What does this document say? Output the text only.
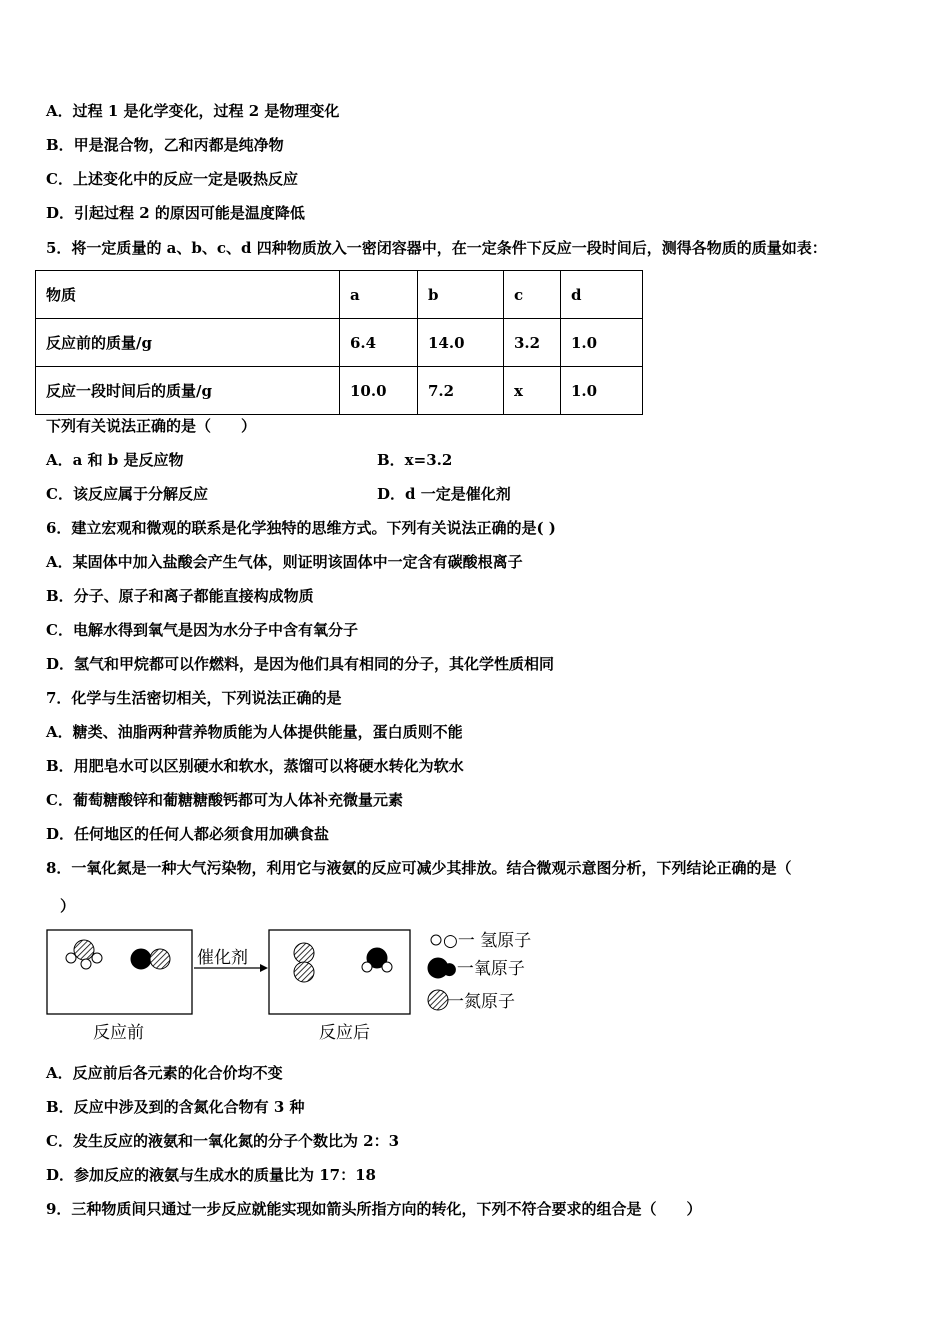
A．过程 1 是化学变化，过程 2 是物理变化
B．甲是混合物，乙和丙都是纯净物
C．上述变化中的反应一定是吸热反应
D．引起过程 2 的原因可能是温度降低
5．将一定质量的 a、b、c、d 四种物质放入一密闭容器中，在一定条件下反应一段时间后，测得各物质的质量如表：
物质	a	b	c	d
反应前的质量/g	6.4	14.0	3.2	1.0
反应一段时间后的质量/g	10.0	7.2	x	1.0
下列有关说法正确的是（　　）
A．a 和 b 是反应物	B．x=3.2
C．该反应属于分解反应	D．d 一定是催化剂
6．建立宏观和微观的联系是化学独特的思维方式。下列有关说法正确的是( )
A．某固体中加入盐酸会产生气体，则证明该固体中一定含有碳酸根离子
B．分子、原子和离子都能直接构成物质
C．电解水得到氧气是因为水分子中含有氧分子
D．氢气和甲烷都可以作燃料，是因为他们具有相同的分子，其化学性质相同
7．化学与生活密切相关，下列说法正确的是
A．糖类、油脂两种营养物质能为人体提供能量，蛋白质则不能
B．用肥皂水可以区别硬水和软水，蒸馏可以将硬水转化为软水
C．葡萄糖酸锌和葡糖糖酸钙都可为人体补充微量元素
D．任何地区的任何人都必须食用加碘食盐
8．一氧化氮是一种大气污染物，利用它与液氨的反应可减少其排放。结合微观示意图分析，下列结论正确的是（
）
催化剂
反应前	反应后
○一 氢原子
●一氧原子
一氮原子
A．反应前后各元素的化合价均不变
B．反应中涉及到的含氮化合物有 3 种
C．发生反应的液氨和一氧化氮的分子个数比为 2：3
D．参加反应的液氨与生成水的质量比为 17：18
9．三种物质间只通过一步反应就能实现如箭头所指方向的转化，下列不符合要求的组合是（　　）
